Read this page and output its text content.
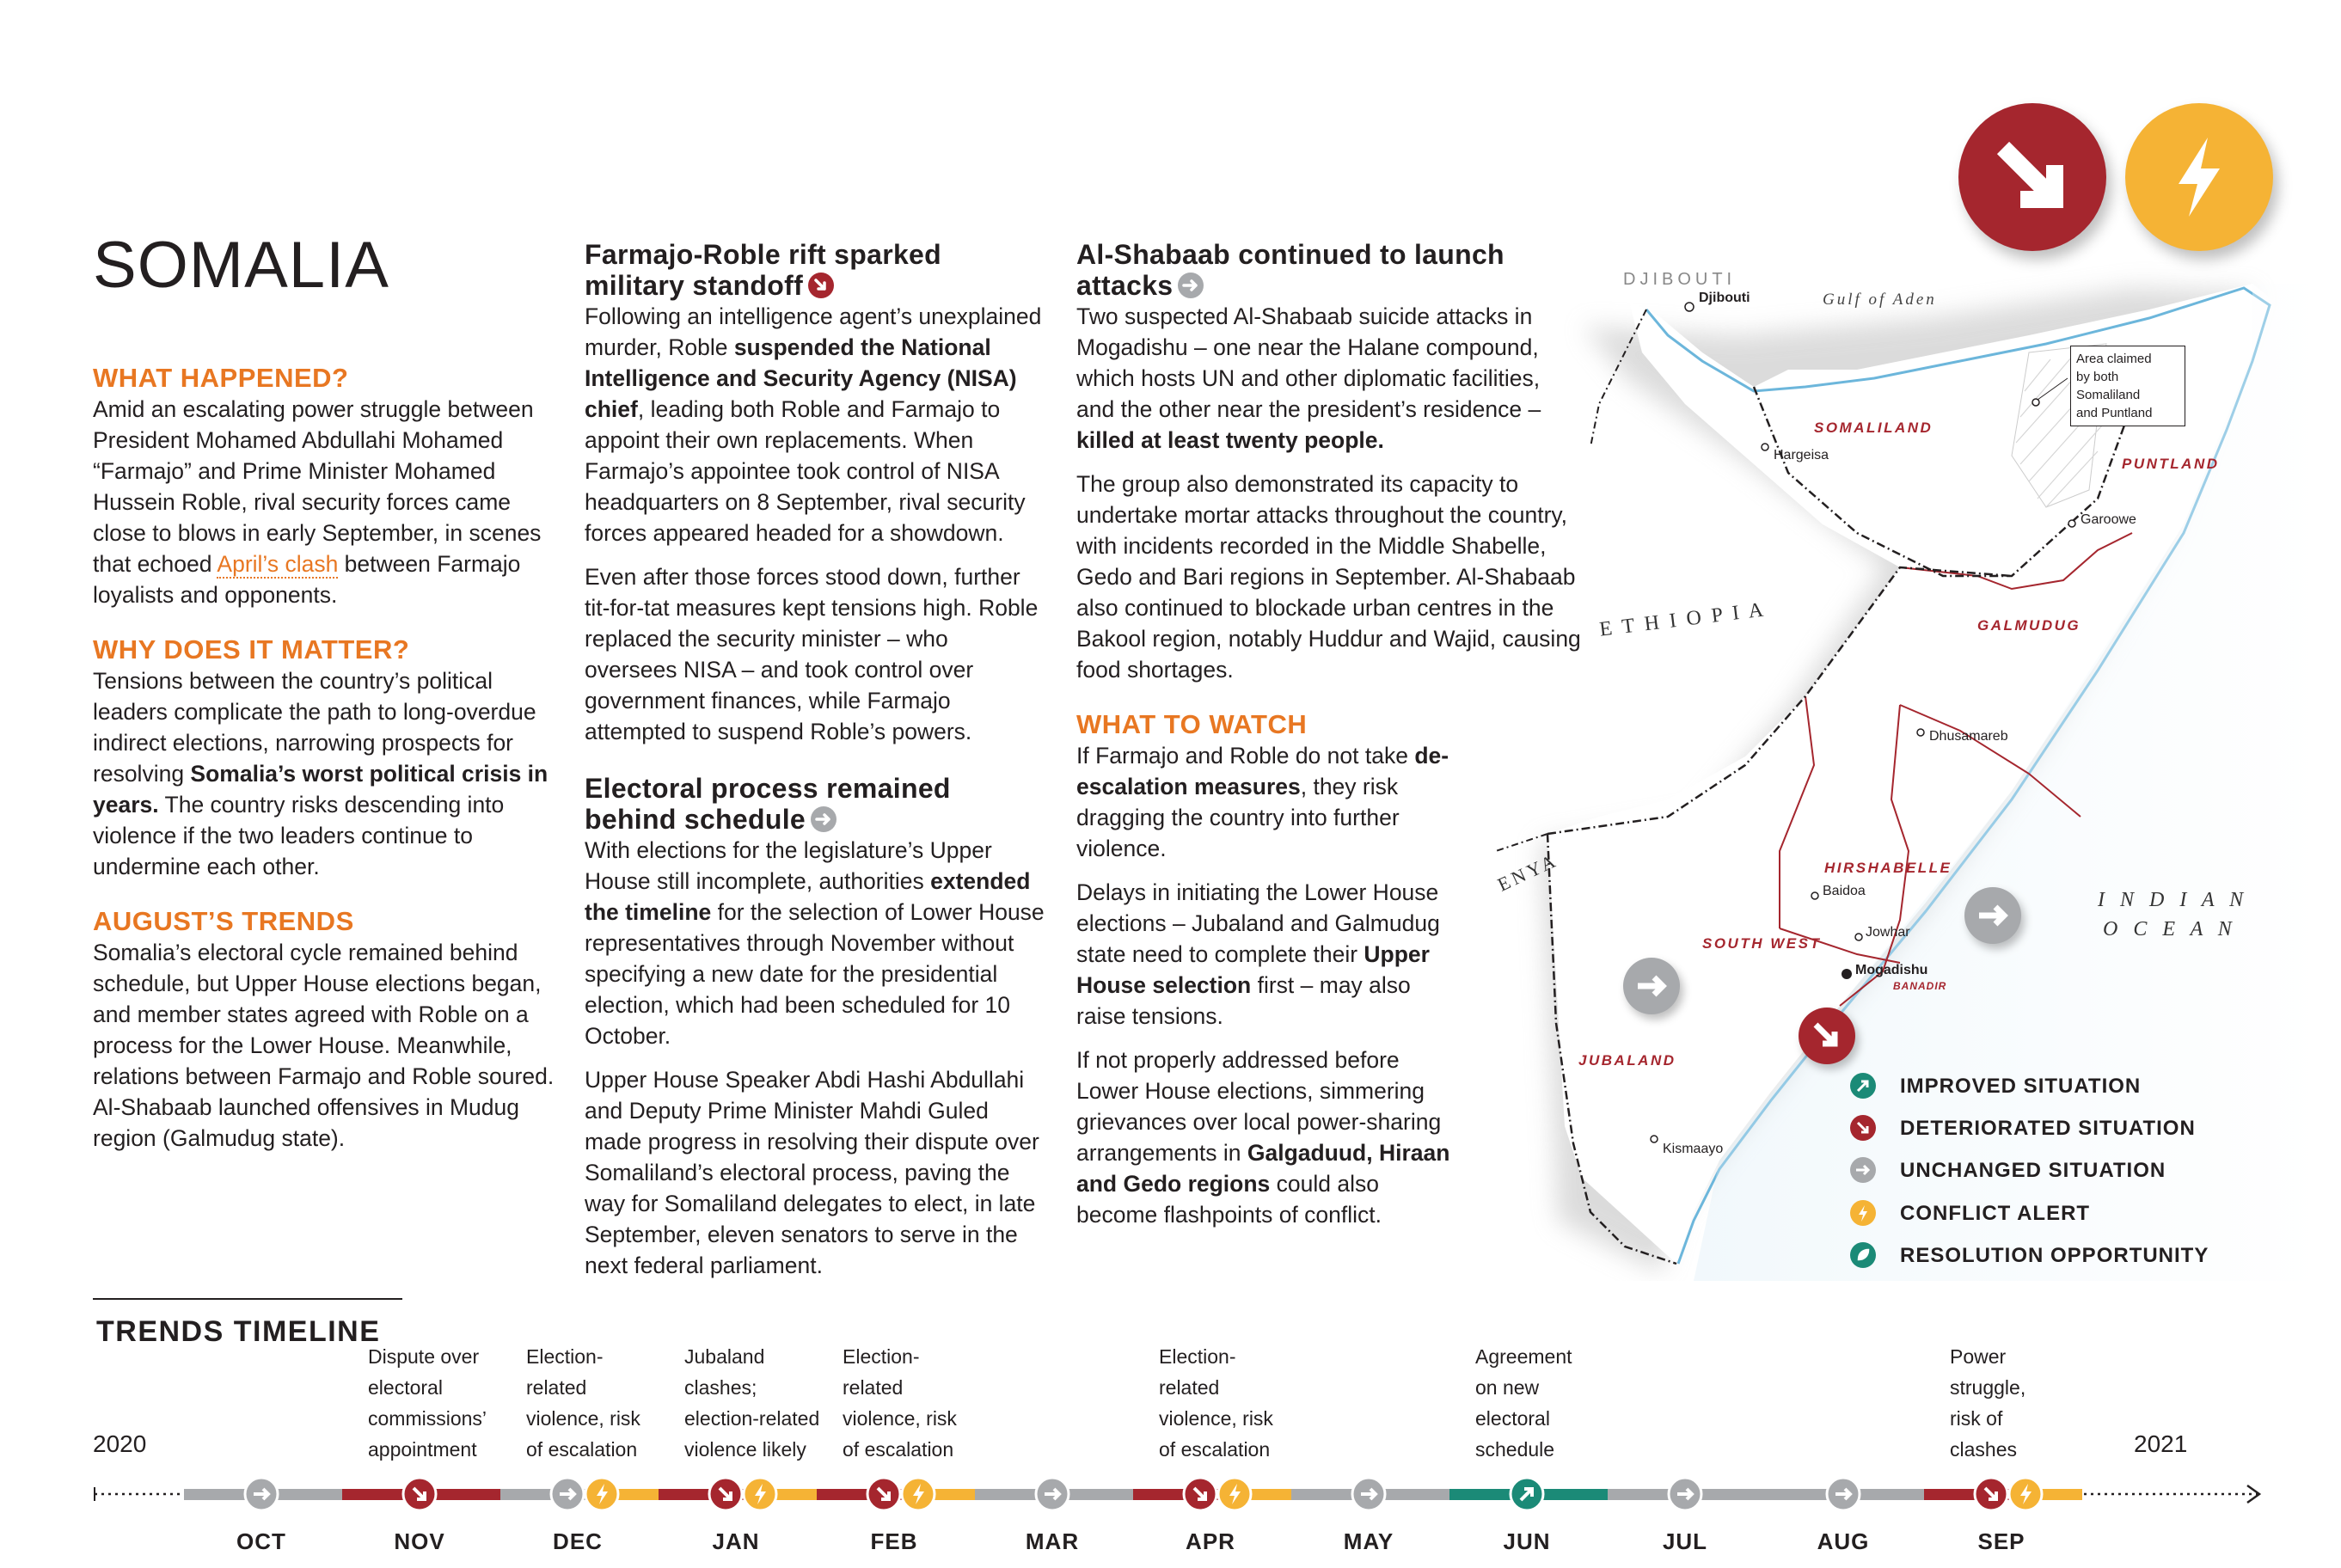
SOMALIA
WHAT HAPPENED?

Amid an escalating power struggle between President Mohamed Abdullahi Mohamed “Farmajo” and Prime Minister Mohamed Hussein Roble, rival security forces came close to blows in early September, in scenes that echoed April’s clash between Farmajo loyalists and opponents.

WHY DOES IT MATTER?

Tensions between the country’s political leaders complicate the path to long-overdue indirect elections, narrowing prospects for resolving Somalia’s worst political crisis in years. The country risks descending into violence if the two leaders continue to undermine each other.

AUGUST’S TRENDS

Somalia’s electoral cycle remained behind schedule, but Upper House elections began, and member states agreed with Roble on a process for the Lower House. Meanwhile, relations between Farmajo and Roble soured. Al-Shabaab launched offensives in Mudug region (Galmudug state).

Farmajo-Roble rift sparked military standoff

Following an intelligence agent’s unexplained murder, Roble suspended the National Intelligence and Security Agency (NISA) chief, leading both Roble and Farmajo to appoint their own replacements. When Farmajo’s appointee took control of NISA headquarters on 8 September, rival security forces appeared headed for a showdown.

Even after those forces stood down, further tit-for-tat measures kept tensions high. Roble replaced the security minister – who oversees NISA – and took control over government finances, while Farmajo attempted to suspend Roble’s powers.

Electoral process remained behind schedule

With elections for the legislature’s Upper House still incomplete, authorities extended the timeline for the selection of Lower House representatives through November without specifying a new date for the presidential election, which had been scheduled for 10 October.

Upper House Speaker Abdi Hashi Abdullahi and Deputy Prime Minister Mahdi Guled made progress in resolving their dispute over Somaliland’s electoral process, paving the way for Somaliland delegates to elect, in late September, eleven senators to serve in the next federal parliament.

Al-Shabaab continued to launch attacks

Two suspected Al-Shabaab suicide attacks in Mogadishu – one near the Halane compound, which hosts UN and other diplomatic facilities, and the other near the president’s residence – killed at least twenty people.

The group also demonstrated its capacity to undertake mortar attacks throughout the country, with incidents recorded in the Middle Shabelle, Gedo and Bari regions in September. Al-Shabaab also continued to blockade urban centres in the Bakool region, notably Huddur and Wajid, causing food shortages.

WHAT TO WATCH

If Farmajo and Roble do not take de-escalation measures, they risk dragging the country into further violence.

Delays in initiating the Lower House elections – Jubaland and Galmudug state need to complete their Upper House selection first – may also raise tensions.

If not properly addressed before Lower House elections, simmering grievances over local power-sharing arrangements in Galgaduud, Hiraan and Gedo regions could also become flashpoints of conflict.

DJIBOUTI
Djibouti	Gulf of Aden
Area claimed
by both
Somaliland
and Puntland
SOMALILAND
PUNTLAND
Hargeisa
Garoowe
E T H I O P I A	GALMUDUG
Dhusamareb
ENYA	HIRSHABELLE
Baidoa
Jowhar
SOUTH WEST
Mogadishu
BANADIR
JUBALAND
Kismaayo
I N D I A N
O C E A N
IMPROVED SITUATION
DETERIORATED SITUATION
UNCHANGED SITUATION
CONFLICT ALERT
RESOLUTION OPPORTUNITY
TRENDS TIMELINE
2020	2021
Dispute over
electoral
commissions’
appointment
Election-
related
violence, risk
of escalation
Jubaland
clashes;
election-related
violence likely
Election-
related
violence, risk
of escalation
Election-
related
violence, risk
of escalation
Agreement
on new
electoral
schedule
Power
struggle,
risk of
clashes
OCT	NOV	DEC	JAN	FEB	MAR	APR	MAY	JUN	JUL	AUG	SEP
